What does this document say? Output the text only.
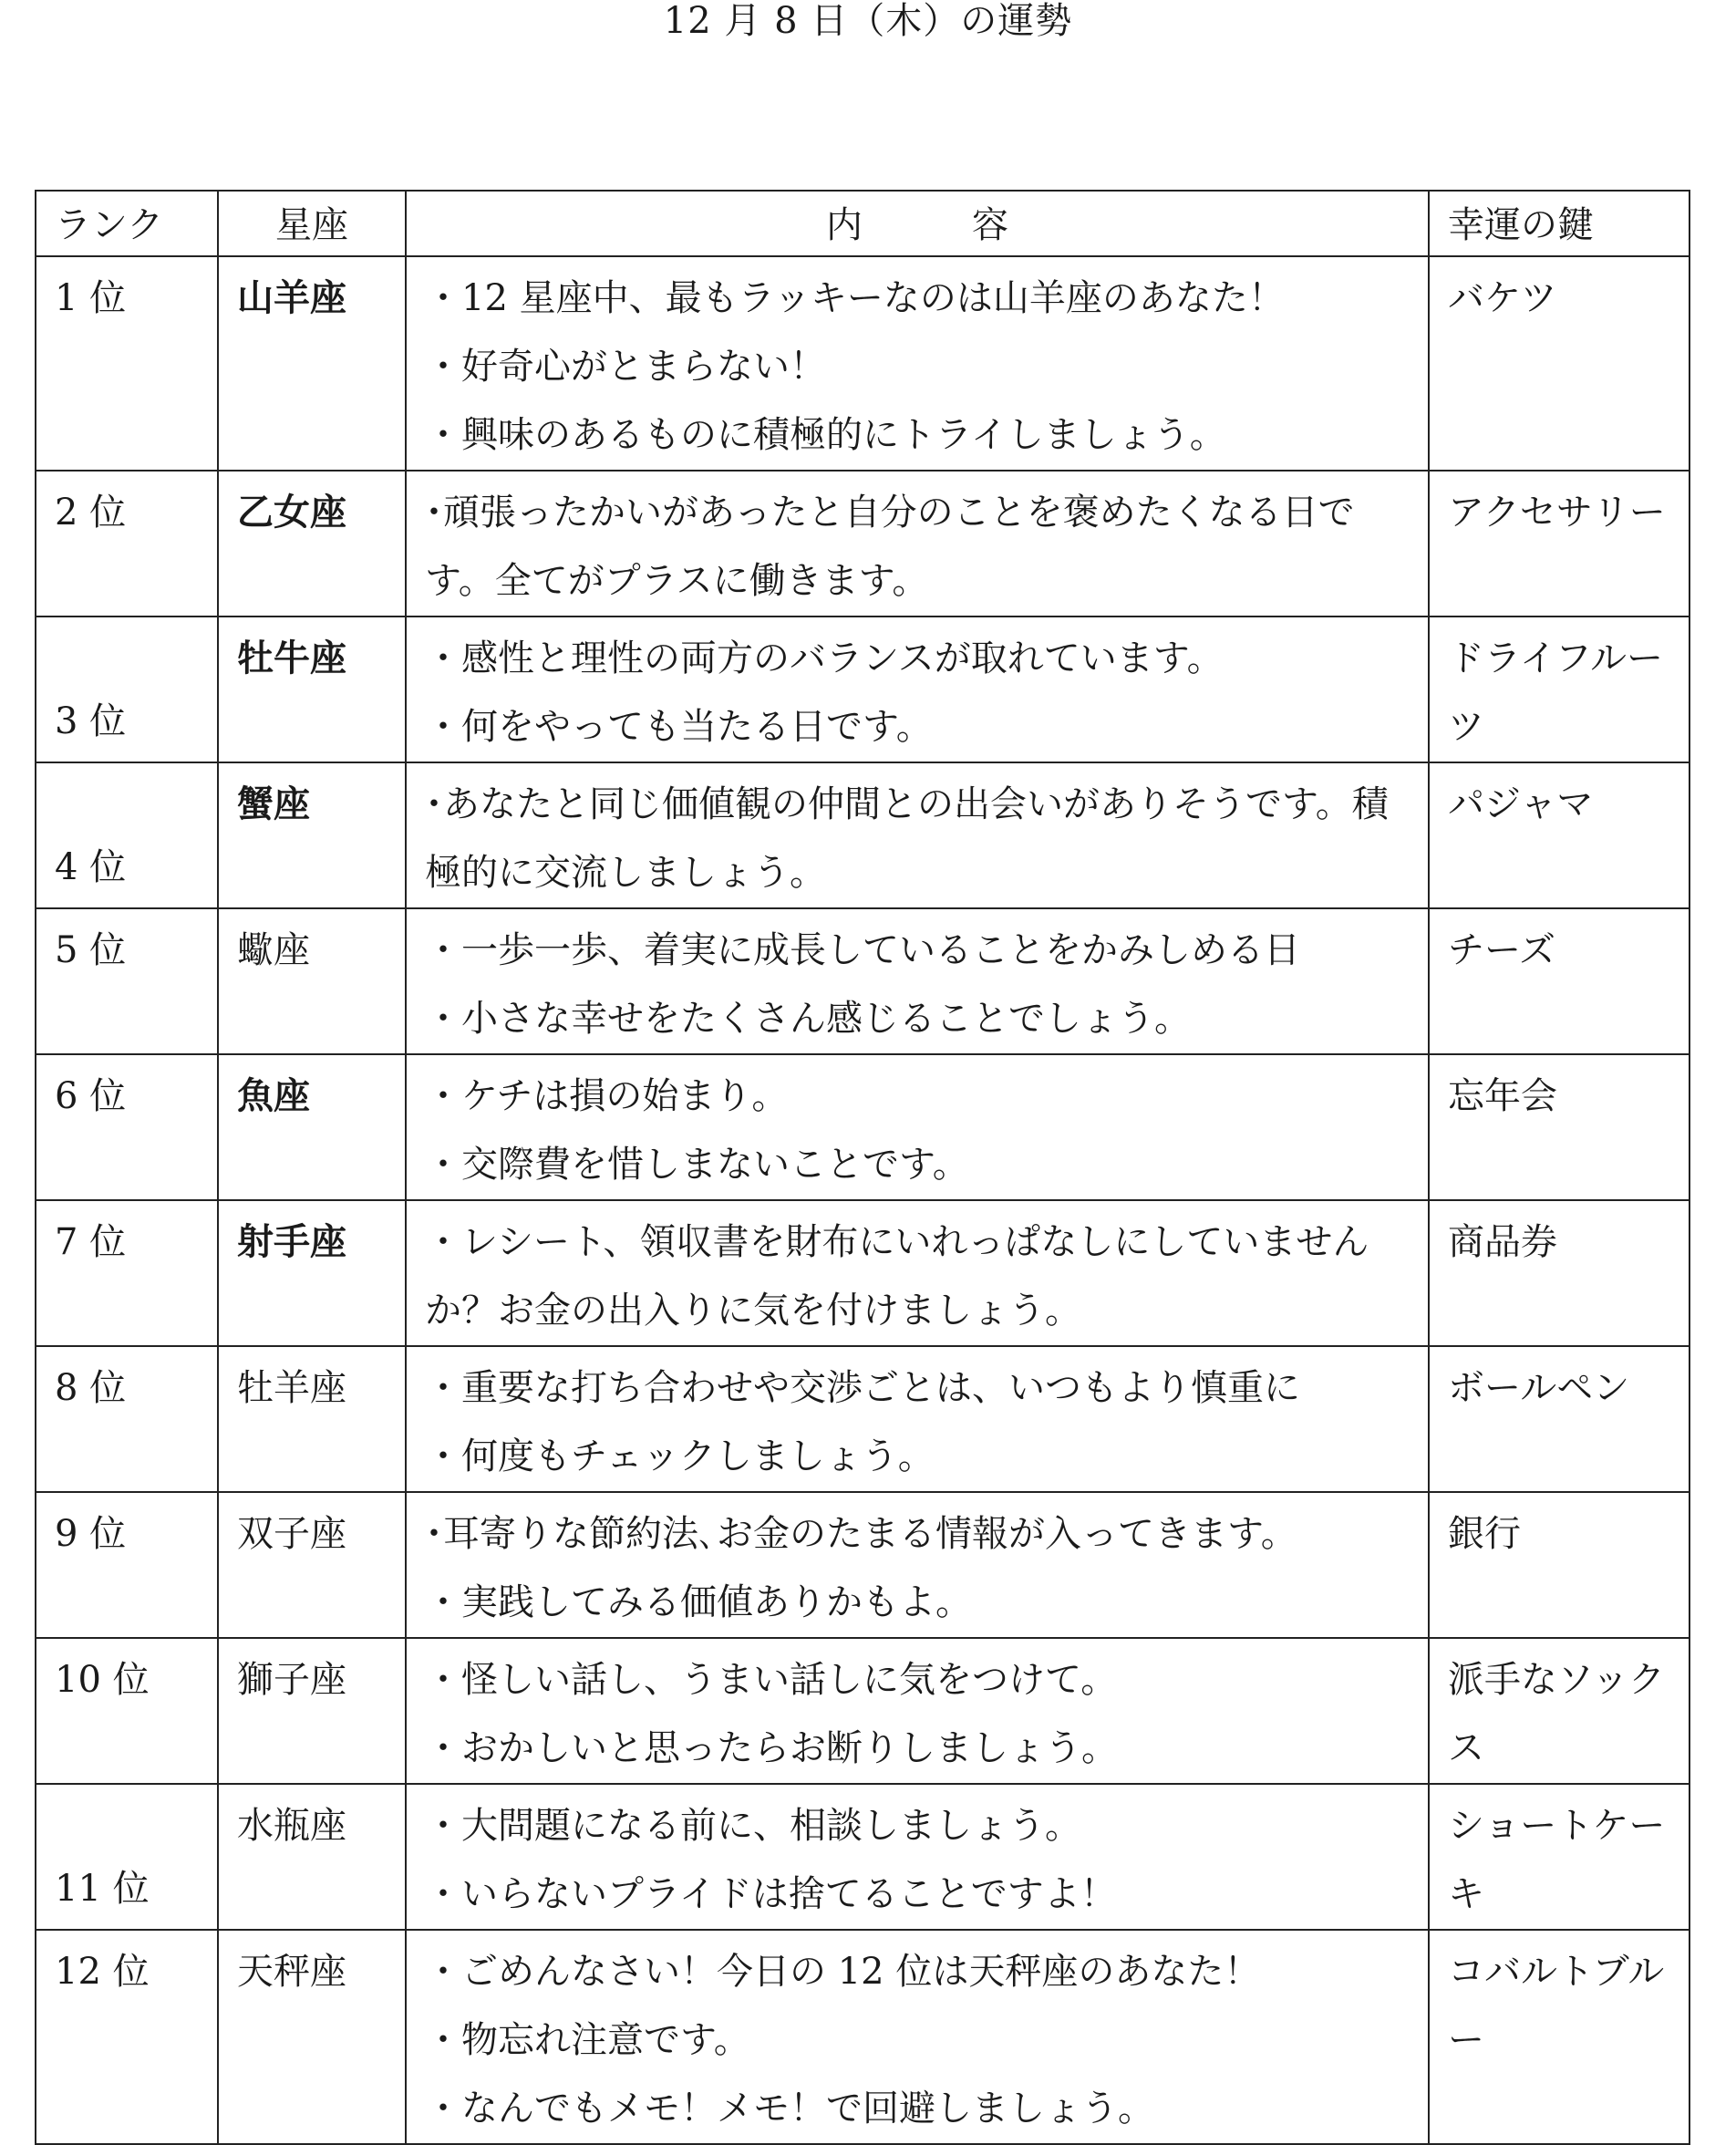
12 月 8 日（木）の運勢
ランク	星座	内　　　容	幸運の鍵
1 位	山羊座	・12 星座中、最もラッキーなのは山羊座のあなた！
・好奇心がとまらない！
・興味のあるものに積極的にトライしましょう。	バケツ
2 位	乙女座	･頑張ったかいがあったと自分のことを褒めたくなる日です。全てがプラスに働きます。	アクセサリー
3 位	牡牛座	・感性と理性の両方のバランスが取れています。
・何をやっても当たる日です。	ドライフルーツ
4 位	蟹座	･あなたと同じ価値観の仲間との出会いがありそうです。積極的に交流しましょう。	パジャマ
5 位	蠍座	・一歩一歩、着実に成長していることをかみしめる日
・小さな幸せをたくさん感じることでしょう。	チーズ
6 位	魚座	・ケチは損の始まり。
・交際費を惜しまないことです。	忘年会
7 位	射手座	・レシート、領収書を財布にいれっぱなしにしていませんか？お金の出入りに気を付けましょう。	商品券
8 位	牡羊座	・重要な打ち合わせや交渉ごとは、いつもより慎重に
・何度もチェックしましょう。	ボールペン
9 位	双子座	･耳寄りな節約法､お金のたまる情報が入ってきます。
・実践してみる価値ありかもよ。	銀行
10 位	獅子座	・怪しい話し、うまい話しに気をつけて。
・おかしいと思ったらお断りしましょう。	派手なソックス
11 位	水瓶座	・大問題になる前に、相談しましょう。
・いらないプライドは捨てることですよ！	ショートケーキ
12 位	天秤座	・ごめんなさい！今日の 12 位は天秤座のあなた！
・物忘れ注意です。
・なんでもメモ！メモ！で回避しましょう。	コバルトブルー
